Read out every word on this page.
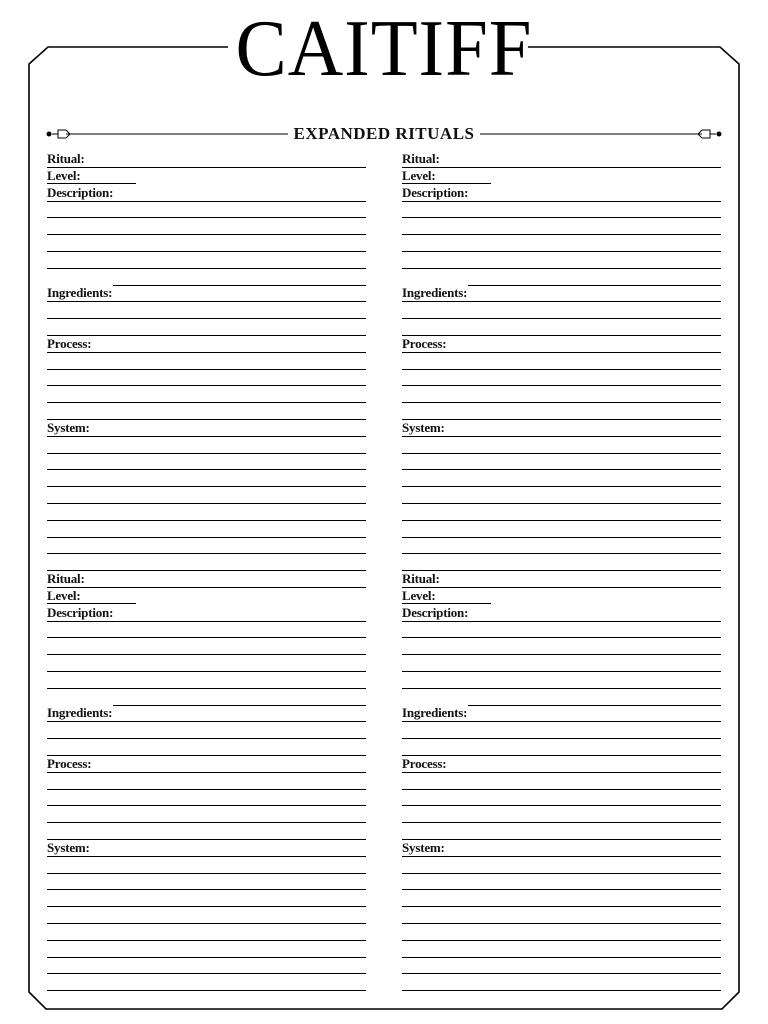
CAITIFF
EXPANDED RITUALS
Ritual:
Level:
Description:
Ingredients:
Process:
System:
Ritual:
Level:
Description:
Ingredients:
Process:
System:
Ritual:
Level:
Description:
Ingredients:
Process:
System:
Ritual:
Level:
Description:
Ingredients:
Process:
System:
